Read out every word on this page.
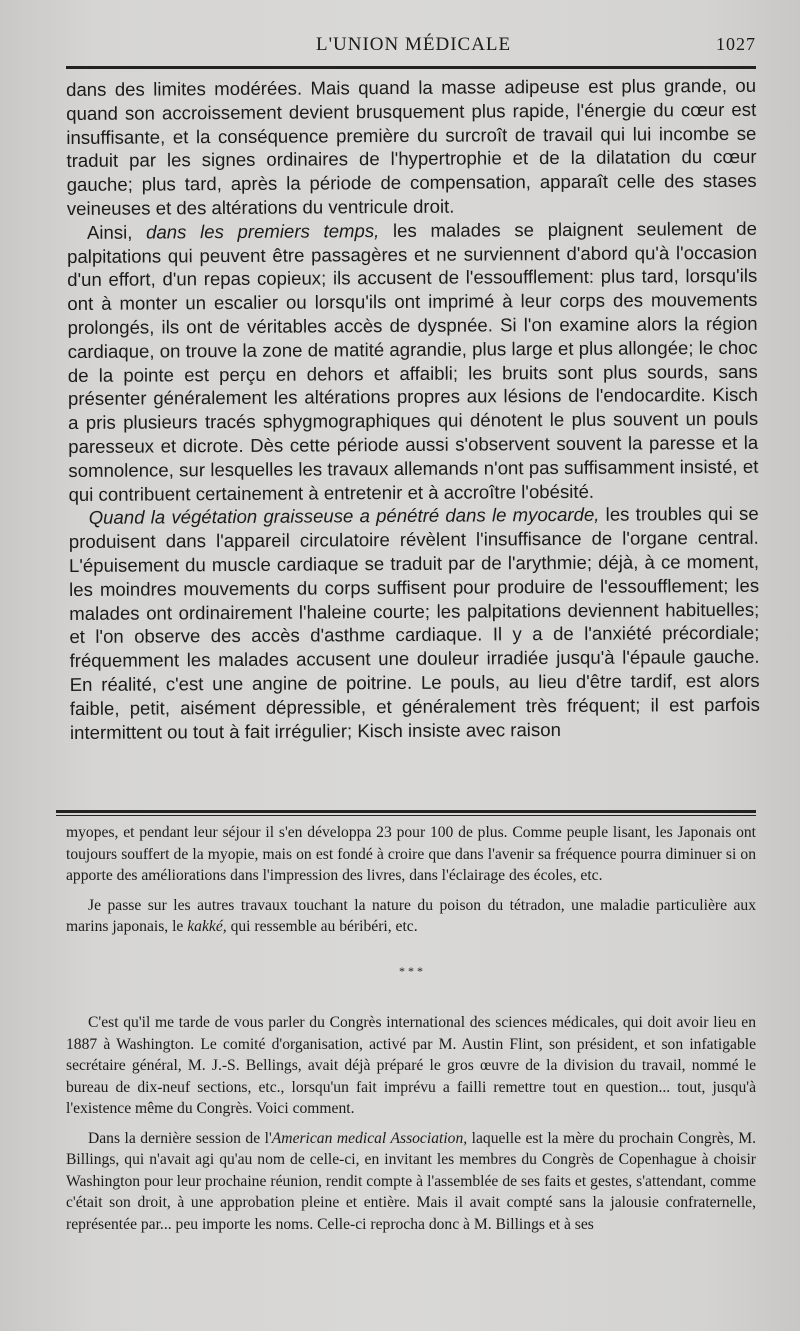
L'UNION MÉDICALE	1027

dans des limites modérées. Mais quand la masse adipeuse est plus grande, ou quand son accroissement devient brusquement plus rapide, l'énergie du cœur est insuffisante, et la conséquence première du surcroît de travail qui lui incombe se traduit par les signes ordinaires de l'hypertrophie et de la dilatation du cœur gauche; plus tard, après la période de compensation, apparaît celle des stases veineuses et des altérations du ventricule droit.

Ainsi, dans les premiers temps, les malades se plaignent seulement de palpitations qui peuvent être passagères et ne surviennent d'abord qu'à l'occasion d'un effort, d'un repas copieux; ils accusent de l'essoufflement: plus tard, lorsqu'ils ont à monter un escalier ou lorsqu'ils ont imprimé à leur corps des mouvements prolongés, ils ont de véritables accès de dyspnée. Si l'on examine alors la région cardiaque, on trouve la zone de matité agrandie, plus large et plus allongée; le choc de la pointe est perçu en dehors et affaibli; les bruits sont plus sourds, sans présenter généralement les altérations propres aux lésions de l'endocardite. Kisch a pris plusieurs tracés sphygmographiques qui dénotent le plus souvent un pouls paresseux et dicrote. Dès cette période aussi s'observent souvent la paresse et la somnolence, sur lesquelles les travaux allemands n'ont pas suffisamment insisté, et qui contribuent certainement à entretenir et à accroître l'obésité.

Quand la végétation graisseuse a pénétré dans le myocarde, les troubles qui se produisent dans l'appareil circulatoire révèlent l'insuffisance de l'organe central. L'épuisement du muscle cardiaque se traduit par de l'arythmie; déjà, à ce moment, les moindres mouvements du corps suffisent pour produire de l'essoufflement; les malades ont ordinairement l'haleine courte; les palpitations deviennent habituelles; et l'on observe des accès d'asthme cardiaque. Il y a de l'anxiété précordiale; fréquemment les malades accusent une douleur irradiée jusqu'à l'épaule gauche. En réalité, c'est une angine de poitrine. Le pouls, au lieu d'être tardif, est alors faible, petit, aisément dépressible, et généralement très fréquent; il est parfois intermittent ou tout à fait irrégulier; Kisch insiste avec raison

myopes, et pendant leur séjour il s'en développa 23 pour 100 de plus. Comme peuple lisant, les Japonais ont toujours souffert de la myopie, mais on est fondé à croire que dans l'avenir sa fréquence pourra diminuer si on apporte des améliorations dans l'impression des livres, dans l'éclairage des écoles, etc.

Je passe sur les autres travaux touchant la nature du poison du tétradon, une maladie particulière aux marins japonais, le kakké, qui ressemble au béribéri, etc.

* * *

C'est qu'il me tarde de vous parler du Congrès international des sciences médicales, qui doit avoir lieu en 1887 à Washington. Le comité d'organisation, activé par M. Austin Flint, son président, et son infatigable secrétaire général, M. J.-S. Bellings, avait déjà préparé le gros œuvre de la division du travail, nommé le bureau de dix-neuf sections, etc., lorsqu'un fait imprévu a failli remettre tout en question... tout, jusqu'à l'existence même du Congrès. Voici comment.

Dans la dernière session de l'American medical Association, laquelle est la mère du prochain Congrès, M. Billings, qui n'avait agi qu'au nom de celle-ci, en invitant les membres du Congrès de Copenhague à choisir Washington pour leur prochaine réunion, rendit compte à l'assemblée de ses faits et gestes, s'attendant, comme c'était son droit, à une approbation pleine et entière. Mais il avait compté sans la jalousie confraternelle, représentée par... peu importe les noms. Celle-ci reprocha donc à M. Billings et à ses
